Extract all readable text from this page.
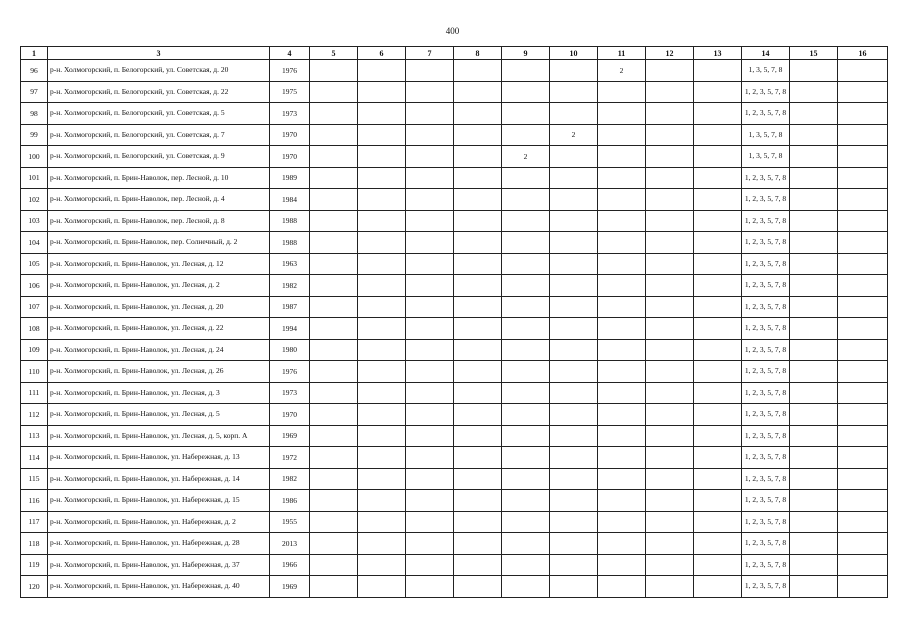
400
1	3	4	5	6	7	8	9	10	11	12	13	14	15	16
96	р-н. Холмогорский, п. Белогорский, ул. Советская, д. 20	1976							2			1, 3, 5, 7, 8		
97	р-н. Холмогорский, п. Белогорский, ул. Советская, д. 22	1975										1, 2, 3, 5, 7, 8		
98	р-н. Холмогорский, п. Белогорский, ул. Советская, д. 5	1973										1, 2, 3, 5, 7, 8		
99	р-н. Холмогорский, п. Белогорский, ул. Советская, д. 7	1970						2				1, 3, 5, 7, 8		
100	р-н. Холмогорский, п. Белогорский, ул. Советская, д. 9	1970					2					1, 3, 5, 7, 8		
101	р-н. Холмогорский, п. Брин-Наволок, пер. Лесной, д. 10	1989										1, 2, 3, 5, 7, 8		
102	р-н. Холмогорский, п. Брин-Наволок, пер. Лесной, д. 4	1984										1, 2, 3, 5, 7, 8		
103	р-н. Холмогорский, п. Брин-Наволок, пер. Лесной, д. 8	1988										1, 2, 3, 5, 7, 8		
104	р-н. Холмогорский, п. Брин-Наволок, пер. Солнечный, д. 2	1988										1, 2, 3, 5, 7, 8		
105	р-н. Холмогорский, п. Брин-Наволок, ул. Лесная, д. 12	1963										1, 2, 3, 5, 7, 8		
106	р-н. Холмогорский, п. Брин-Наволок, ул. Лесная, д. 2	1982										1, 2, 3, 5, 7, 8		
107	р-н. Холмогорский, п. Брин-Наволок, ул. Лесная, д. 20	1987										1, 2, 3, 5, 7, 8		
108	р-н. Холмогорский, п. Брин-Наволок, ул. Лесная, д. 22	1994										1, 2, 3, 5, 7, 8		
109	р-н. Холмогорский, п. Брин-Наволок, ул. Лесная, д. 24	1980										1, 2, 3, 5, 7, 8		
110	р-н. Холмогорский, п. Брин-Наволок, ул. Лесная, д. 26	1976										1, 2, 3, 5, 7, 8		
111	р-н. Холмогорский, п. Брин-Наволок, ул. Лесная, д. 3	1973										1, 2, 3, 5, 7, 8		
112	р-н. Холмогорский, п. Брин-Наволок, ул. Лесная, д. 5	1970										1, 2, 3, 5, 7, 8		
113	р-н. Холмогорский, п. Брин-Наволок, ул. Лесная, д. 5, корп. А	1969										1, 2, 3, 5, 7, 8		
114	р-н. Холмогорский, п. Брин-Наволок, ул. Набережная, д. 13	1972										1, 2, 3, 5, 7, 8		
115	р-н. Холмогорский, п. Брин-Наволок, ул. Набережная, д. 14	1982										1, 2, 3, 5, 7, 8		
116	р-н. Холмогорский, п. Брин-Наволок, ул. Набережная, д. 15	1986										1, 2, 3, 5, 7, 8		
117	р-н. Холмогорский, п. Брин-Наволок, ул. Набережная, д. 2	1955										1, 2, 3, 5, 7, 8		
118	р-н. Холмогорский, п. Брин-Наволок, ул. Набережная, д. 28	2013										1, 2, 3, 5, 7, 8		
119	р-н. Холмогорский, п. Брин-Наволок, ул. Набережная, д. 37	1966										1, 2, 3, 5, 7, 8		
120	р-н. Холмогорский, п. Брин-Наволок, ул. Набережная, д. 40	1969										1, 2, 3, 5, 7, 8		
